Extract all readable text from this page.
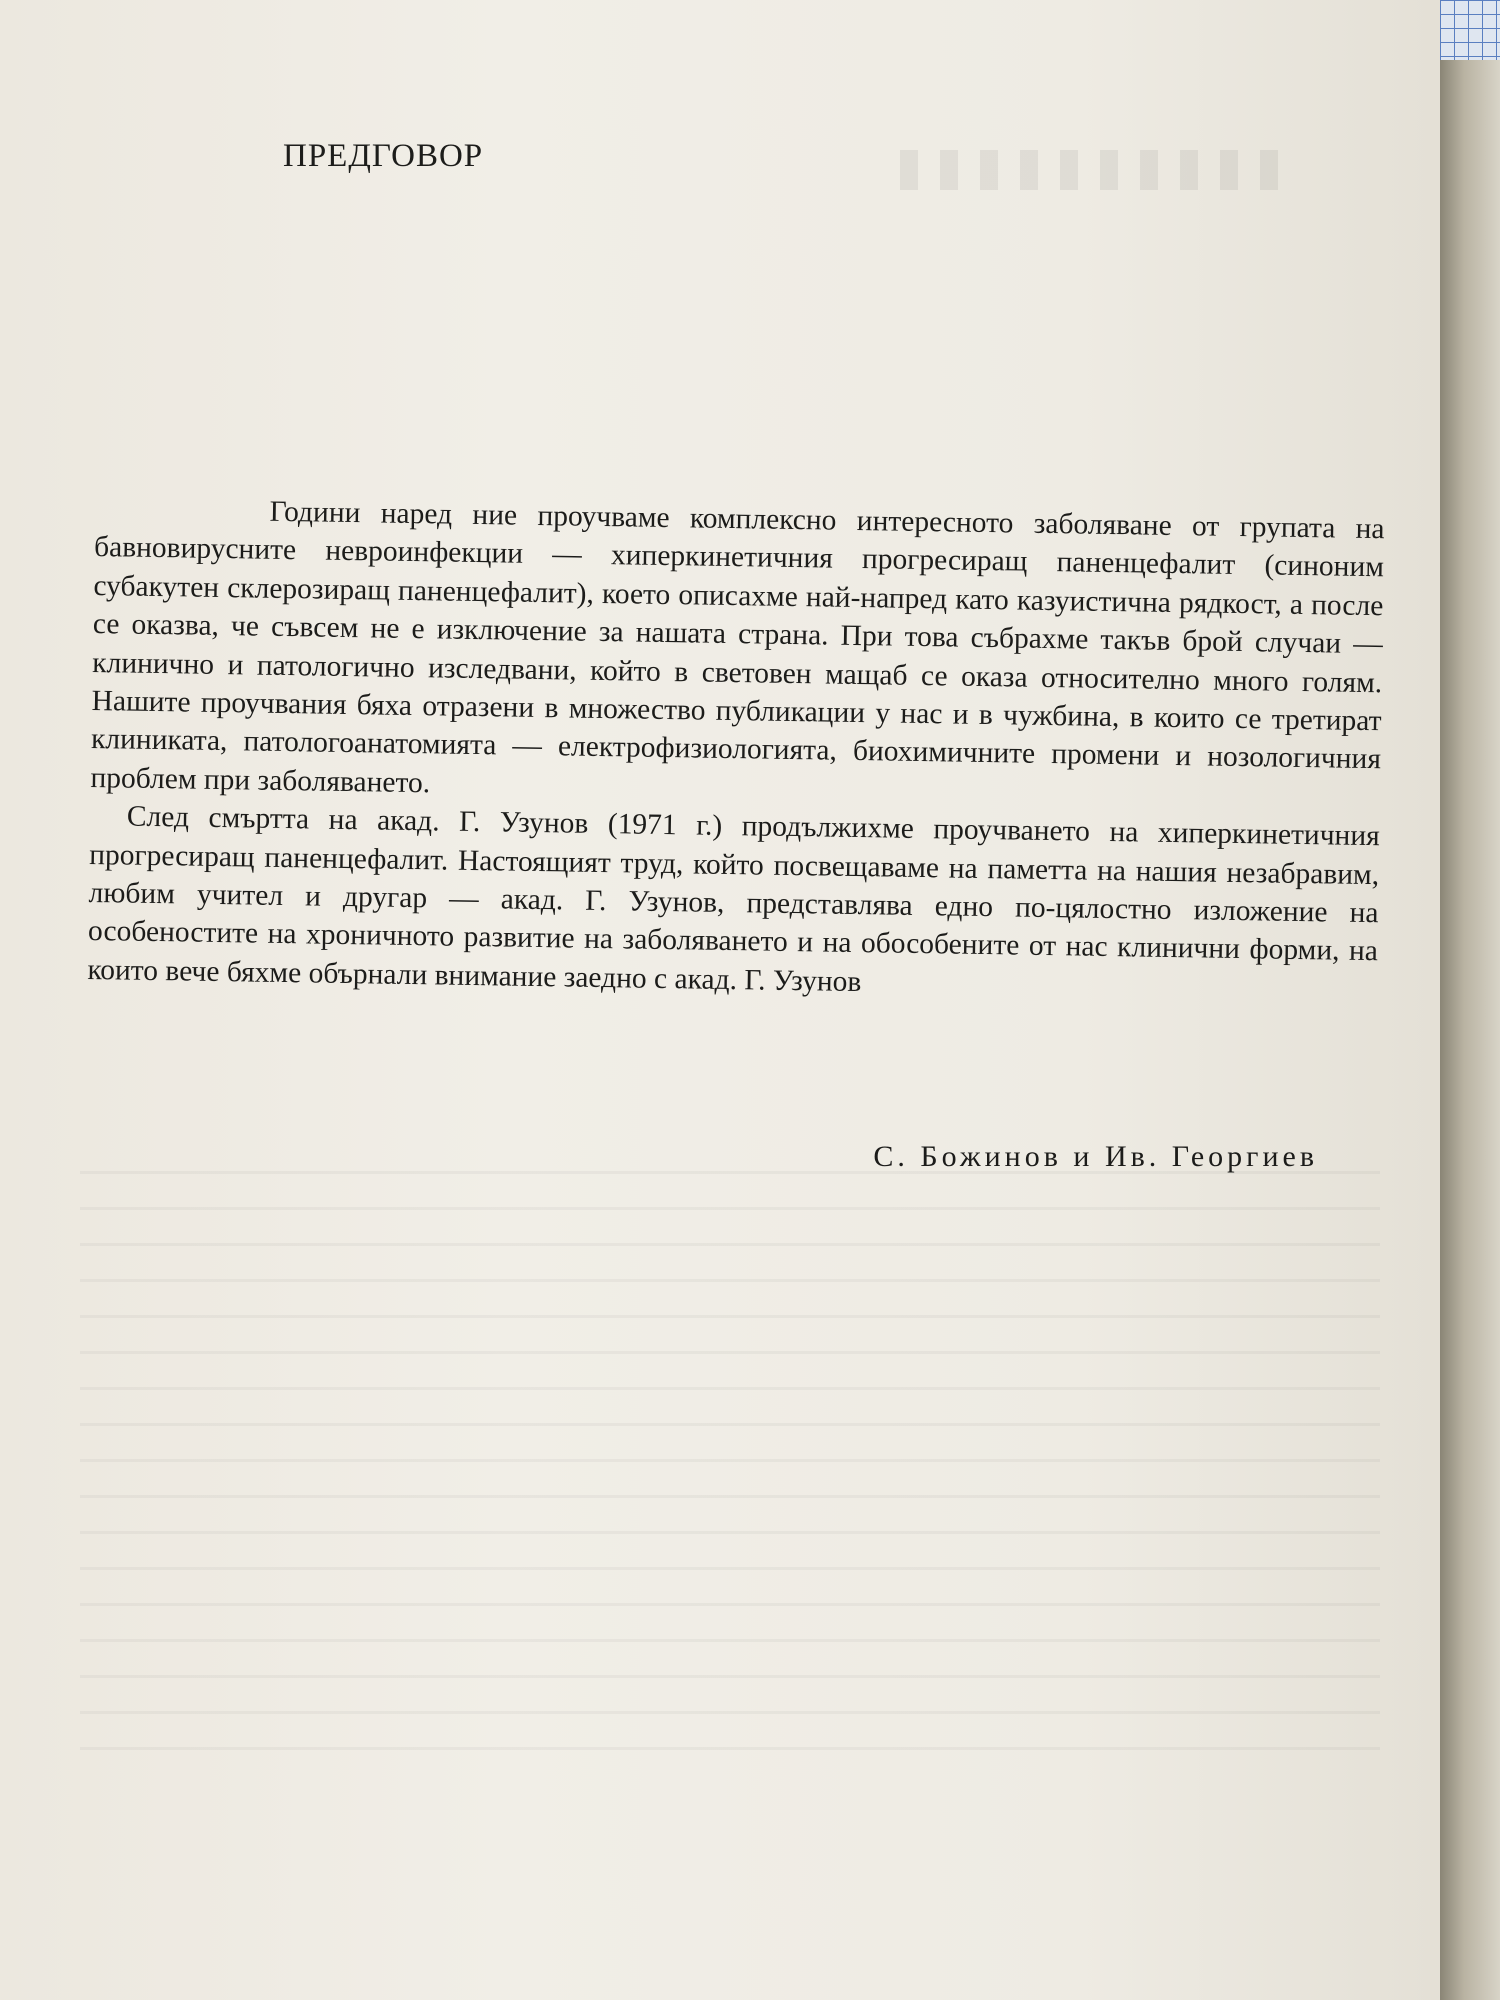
ПРЕДГОВОР

Години наред ние проучваме комплексно интересното заболяване от групата на бавновирусните невроинфекции — хиперкинетичния прогресиращ паненцефалит (синоним субакутен склерозиращ паненцефалит), което описахме най-напред като казуистична рядкост, а после се оказва, че съвсем не е изключение за нашата страна. При това събрахме такъв брой случаи — клинично и патологично изследвани, който в световен мащаб се оказа относително много голям. Нашите проучвания бяха отразени в множество публикации у нас и в чужбина, в които се третират клиниката, патологоанатомията — електрофизиологията, биохимичните промени и нозологичния проблем при заболяването.

След смъртта на акад. Г. Узунов (1971 г.) продължихме проучването на хиперкинетичния прогресиращ паненцефалит. Настоящият труд, който посвещаваме на паметта на нашия незабравим, любим учител и другар — акад. Г. Узунов, представлява едно по-цялостно изложение на особеностите на хроничното развитие на заболяването и на обособените от нас клинични форми, на които вече бяхме обърнали внимание заедно с акад. Г. Узунов

С. Божинов и Ив. Георгиев
